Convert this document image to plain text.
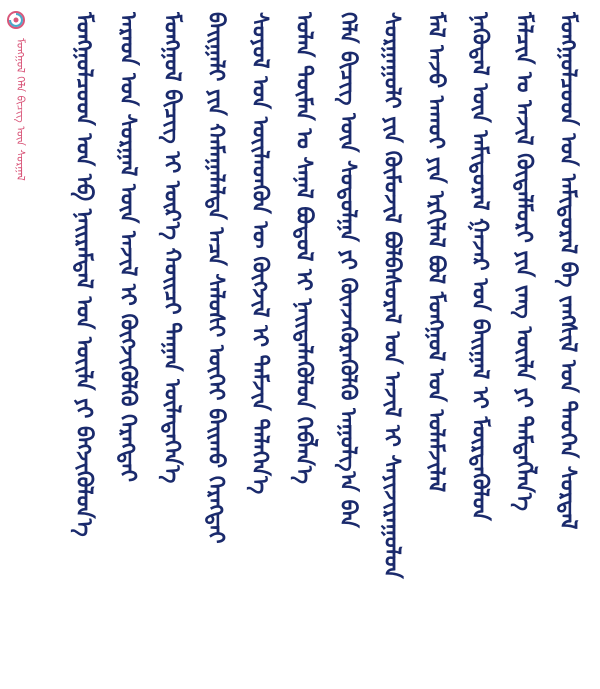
ᠮᠣᠩᠭᠣᠯ ᠬᠡᠯᠡ ᠪᠢᠴᠢᠭ ᠦᠨ ᠰᠤᠷᠭᠠᠯ	ᠮᠣᠩᠭᠣᠯᠴᠤᠳ ᠤᠨ ᠠᠮᠢᠳᠤᠷᠠᠯ ᠪᠠ ᠵᠠᠩᠱᠢᠯ ᠤᠨ ᠲᠡᠦᠬᠡᠨ ᠰᠤᠷᠳᠠᠯ
ᠮᠠᠯᠴᠢᠨ ᠤ ᠠᠵᠢᠯ ᠬᠥᠳᠡᠯᠮᠦᠷᠢ ᠶᠢᠨ ᠵᠠᠩ ᠦᠢᠯᠡ ᠶᠢ ᠲᠡᠮᠳᠡᠭᠯᠡᠨ᠎ᠡ
ᠨᠡᠭᠦᠳᠡᠯ ᠦᠨ ᠠᠮᠢᠳᠤᠷᠠᠯ ᠭᠠᠵᠠᠷ ᠤᠨ ᠪᠠᠢᠭᠠᠯ ᠢ ᠮᠥᠷᠳᠡᠭᠦᠯᠦᠨ
ᠮᠠᠯ ᠠᠵᠤ ᠠᠬᠤᠢ ᠶᠢᠨ ᠡᠷᠬᠢᠯᠡᠯ ᠪᠣᠯ ᠮᠣᠩᠭᠣᠯ ᠤᠨ ᠤᠯᠠᠮᠵᠢᠯᠠᠯ
ᠰᠤᠷᠭᠠᠭᠤᠯᠢ ᠶᠢᠨ ᠬᠦᠮᠦᠵᠢᠯ ᠪᠣᠯᠪᠠᠰᠤᠷᠠᠯ ᠤᠨ ᠠᠵᠢᠯ ᠢ ᠰᠠᠶᠢᠵᠢᠷᠠᠭᠤᠯᠤᠨ
ᠬᠡᠯᠡ ᠪᠢᠴᠢᠭ ᠦᠨ ᠰᠤᠳᠤᠯᠭᠠ ᠶᠢ ᠭᠦᠨᠵᠡᠭᠦᠷᠡᠭᠦᠯᠬᠦ ᠠᠭᠤᠯᠭ᠎ᠠ ᠪᠠᠨ
ᠣᠯᠠᠨ ᠲᠥᠮᠡᠨ ᠤ ᠰᠠᠨᠠᠯ ᠪᠣᠳᠤᠯ ᠢ ᠨᠡᠢᠲᠡᠯᠡᠭᠦᠯᠦᠨ ᠬᠡᠪᠯᠡᠨ᠎ᠡ
ᠰᠣᠶᠣᠯ ᠤᠨ ᠦᠢᠯᠡᠳᠬᠦᠨ ᠦ ᠬᠥᠭᠵᠢᠯ ᠢ ᠳᠡᠮᠵᠢᠨ ᠲᠡᠯᠡᠭᠡᠨ᠎ᠡ
ᠪᠠᠢᠭᠠᠯᠢ ᠶᠢᠨ ᠬᠠᠮᠠᠭᠠᠯᠠᠯᠲᠠ ᠠᠴᠠ ᠰᠠᠯᠤᠰᠢ ᠦᠭᠡᠢ ᠪᠠᠢᠬᠤ ᠬᠡᠷᠡᠭᠲᠡᠢ
ᠮᠣᠩᠭᠣᠯ ᠪᠢᠴᠢᠭ ᠢ ᠦᠷ᠎ᠡ ᠬᠣᠢᠴᠢ ᠳᠠᠭᠠᠨ ᠦᠯᠡᠳᠡᠭᠡᠨ᠎ᠡ
ᠠᠷᠠᠳ ᠤᠨ ᠰᠤᠷᠭᠠᠯ ᠦᠨ ᠠᠵᠢᠯ ᠢ ᠬᠥᠭᠵᠢᠭᠦᠯᠬᠦ ᠬᠡᠷᠡᠭᠲᠡᠢ
ᠮᠣᠩᠭᠣᠯᠴᠤᠳ ᠤᠨ ᠡᠪ ᠨᠠᠢᠷᠠᠮᠳᠠᠯ ᠤᠨ ᠦᠢᠯᠡ ᠶᠢ ᠪᠡᠬᠵᠢᠭᠦᠯᠦᠨ᠎ᠡ
